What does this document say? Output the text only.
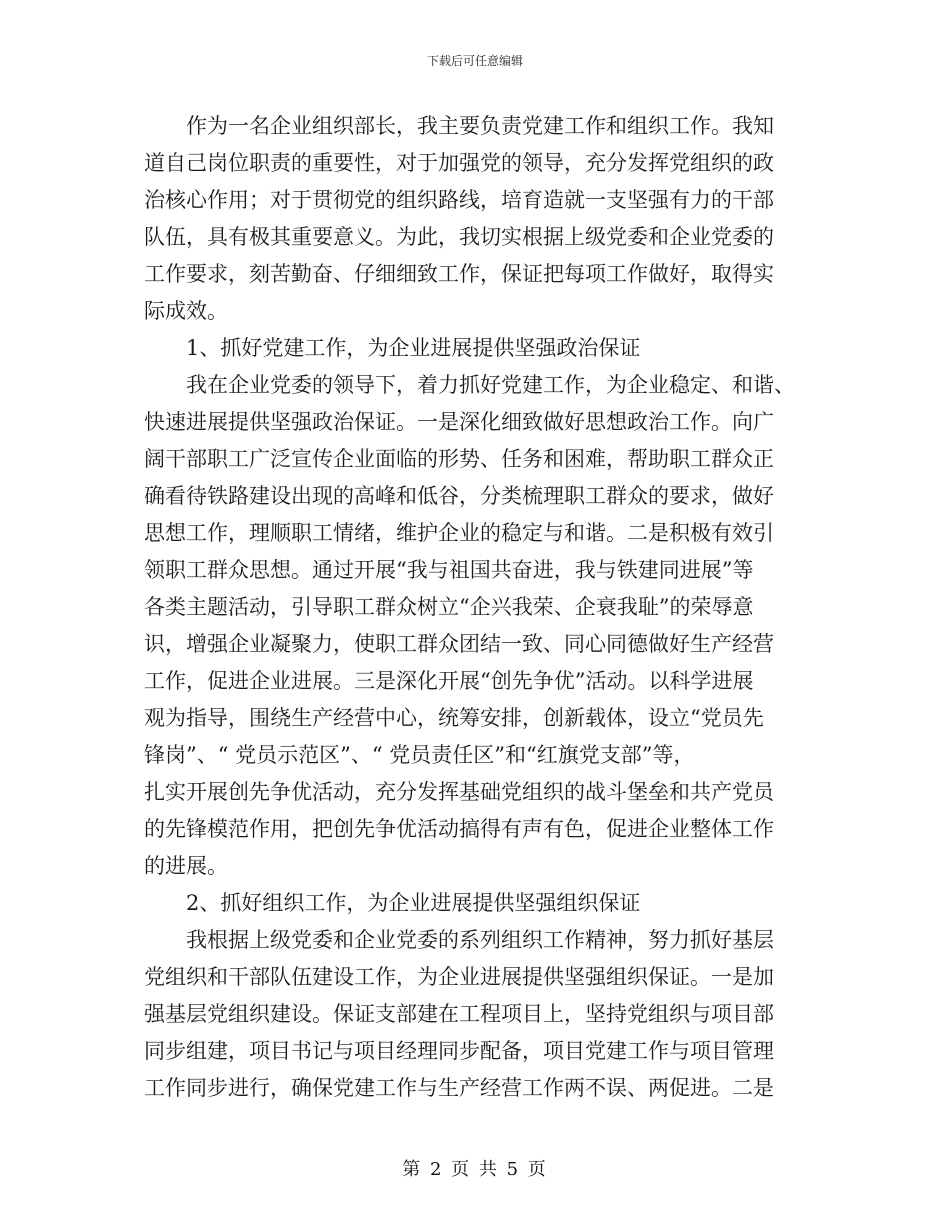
下载后可任意编辑
　　作为一名企业组织部长，我主要负责党建工作和组织工作。我知
道自己岗位职责的重要性，对于加强党的领导，充分发挥党组织的政
治核心作用；对于贯彻党的组织路线，培育造就一支坚强有力的干部
队伍，具有极其重要意义。为此，我切实根据上级党委和企业党委的
工作要求，刻苦勤奋、仔细细致工作，保证把每项工作做好，取得实
际成效。
　　1、抓好党建工作，为企业进展提供坚强政治保证
　　我在企业党委的领导下，着力抓好党建工作，为企业稳定、和谐、
快速进展提供坚强政治保证。一是深化细致做好思想政治工作。向广
阔干部职工广泛宣传企业面临的形势、任务和困难，帮助职工群众正
确看待铁路建设出现的高峰和低谷，分类梳理职工群众的要求，做好
思想工作，理顺职工情绪，维护企业的稳定与和谐。二是积极有效引
领职工群众思想。通过开展“我与祖国共奋进，我与铁建同进展”等
各类主题活动，引导职工群众树立“企兴我荣、企衰我耻”的荣辱意
识，增强企业凝聚力，使职工群众团结一致、同心同德做好生产经营
工作，促进企业进展。三是深化开展“创先争优”活动。以科学进展
观为指导，围绕生产经营中心，统筹安排，创新载体，设立“党员先
锋岗”、“ 党员示范区”、“ 党员责任区”和“红旗党支部”等，
扎实开展创先争优活动，充分发挥基础党组织的战斗堡垒和共产党员
的先锋模范作用，把创先争优活动搞得有声有色，促进企业整体工作
的进展。
　　2、抓好组织工作，为企业进展提供坚强组织保证
　　我根据上级党委和企业党委的系列组织工作精神，努力抓好基层
党组织和干部队伍建设工作，为企业进展提供坚强组织保证。一是加
强基层党组织建设。保证支部建在工程项目上，坚持党组织与项目部
同步组建，项目书记与项目经理同步配备，项目党建工作与项目管理
工作同步进行，确保党建工作与生产经营工作两不误、两促进。二是
第 2 页 共 5 页
